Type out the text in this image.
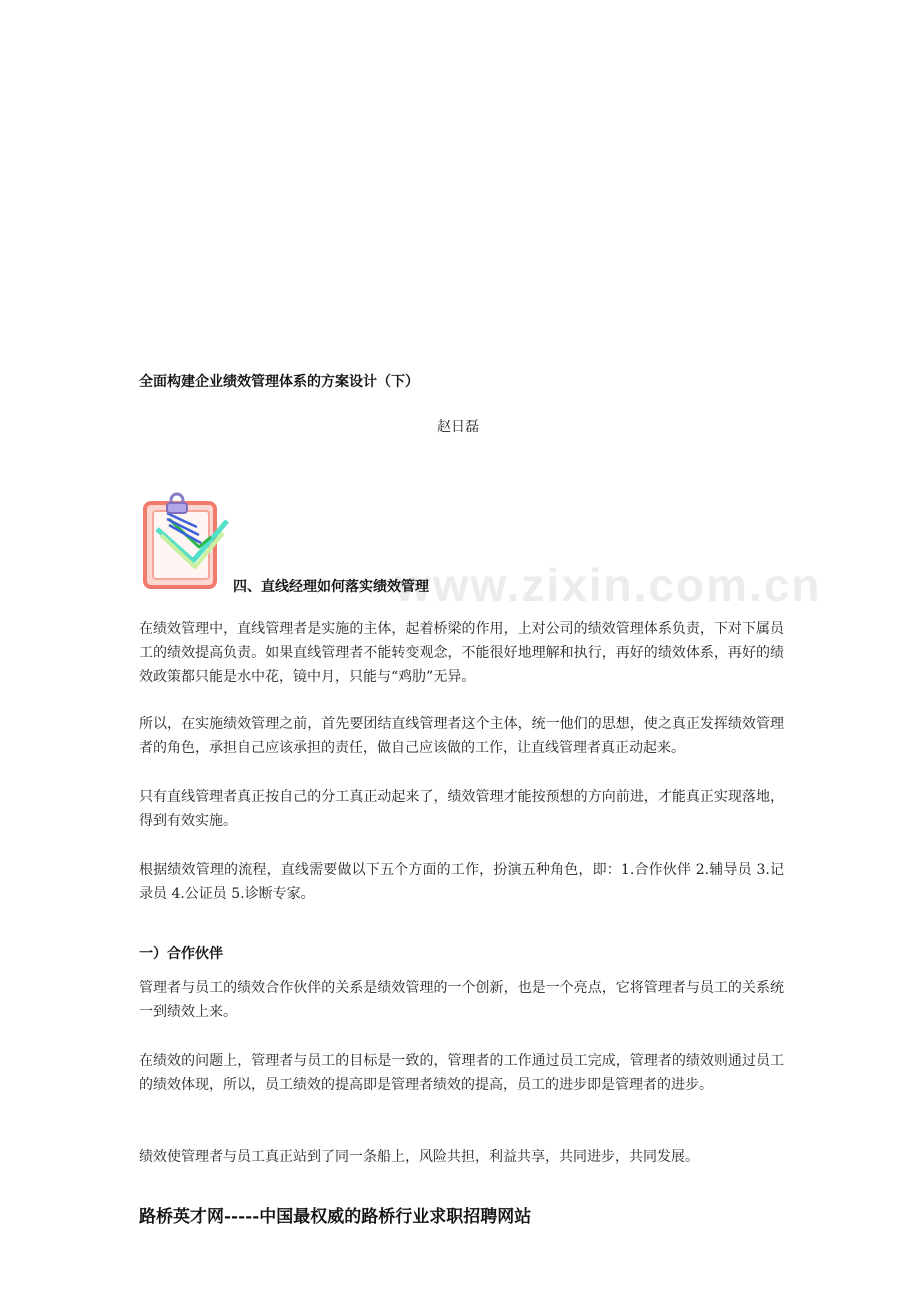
www.zixin.com.cn
全面构建企业绩效管理体系的方案设计（下）
赵日磊
四、直线经理如何落实绩效管理

在绩效管理中，直线管理者是实施的主体，起着桥梁的作用，上对公司的绩效管理体系负责，下对下属员工的绩效提高负责。如果直线管理者不能转变观念，不能很好地理解和执行，再好的绩效体系，再好的绩效政策都只能是水中花，镜中月，只能与“鸡肋”无异。

所以，在实施绩效管理之前，首先要团结直线管理者这个主体，统一他们的思想，使之真正发挥绩效管理者的角色，承担自己应该承担的责任，做自己应该做的工作，让直线管理者真正动起来。

只有直线管理者真正按自己的分工真正动起来了，绩效管理才能按预想的方向前进，才能真正实现落地，得到有效实施。

根据绩效管理的流程，直线需要做以下五个方面的工作，扮演五种角色，即：1.合作伙伴 2.辅导员 3.记录员 4.公证员 5.诊断专家。

一）合作伙伴

管理者与员工的绩效合作伙伴的关系是绩效管理的一个创新，也是一个亮点，它将管理者与员工的关系统一到绩效上来。

在绩效的问题上，管理者与员工的目标是一致的，管理者的工作通过员工完成，管理者的绩效则通过员工的绩效体现，所以，员工绩效的提高即是管理者绩效的提高，员工的进步即是管理者的进步。

绩效使管理者与员工真正站到了同一条船上，风险共担，利益共享，共同进步，共同发展。

路桥英才网-----中国最权威的路桥行业求职招聘网站
